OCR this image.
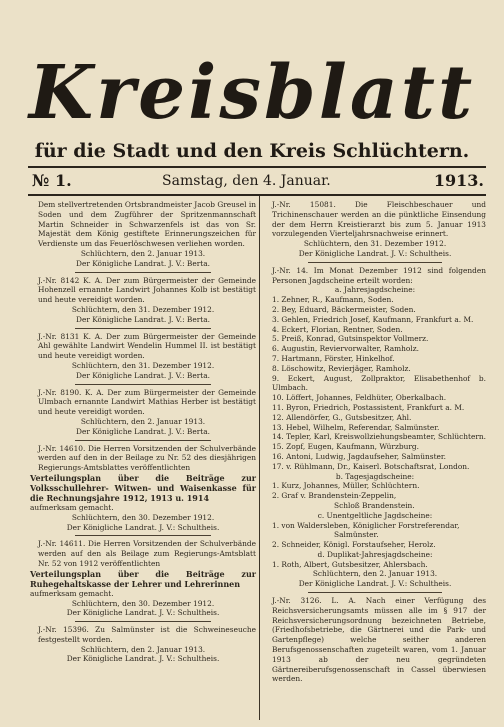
Kreisblatt
für die Stadt und den Kreis Schlüchtern.
№ 1.	Samstag, den 4. Januar.	1913.
Dem stellvertretenden Ortsbrandmeister Jacob Greusel in Soden und dem Zugführer der Spritzenmannschaft Martin Schneider in Schwarzenfels ist das von Sr. Majestät dem König gestiftete Erinnerungszeichen für Verdienste um das Feuerlöschwesen verliehen worden.
Schlüchtern, den 2. Januar 1913.
Der Königliche Landrat. J. V.: Berta.
J.-Nr. 8142 K. A. Der zum Bürgermeister der Gemeinde Hohenzell ernannte Landwirt Johannes Kolb ist bestätigt und heute vereidigt worden.
Schlüchtern, den 31. Dezember 1912.
Der Königliche Landrat. J. V.: Berta.
J.-Nr. 8131 K. A. Der zum Bürgermeister der Gemeinde Ahl gewählte Landwirt Wendelin Hummel II. ist bestätigt und heute vereidigt worden.
Schlüchtern, den 31. Dezember 1912.
Der Königliche Landrat. J. V.: Berta.
J.-Nr. 8190. K. A. Der zum Bürgermeister der Gemeinde Ulmbach ernannte Landwirt Mathias Herber ist bestätigt und heute vereidigt worden.
Schlüchtern, den 2. Januar 1913.
Der Königliche Landrat. J. V.: Berta.
J.-Nr. 14610. Die Herren Vorsitzenden der Schulverbände werden auf den in der Beilage zu Nr. 52 des diesjährigen Regierungs-Amtsblattes veröffentlichten
Verteilungsplan über die Beiträge zur Volksschullehrer- Witwen- und Waisenkasse für die Rechnungsjahre 1912, 1913 u. 1914
aufmerksam gemacht.
Schlüchtern, den 30. Dezember 1912.
Der Königliche Landrat. J. V.: Schultheis.
J.-Nr. 14611. Die Herren Vorsitzenden der Schulverbände werden auf den als Beilage zum Regierungs-Amtsblatt Nr. 52 von 1912 veröffentlichten
Verteilungsplan über die Beiträge zur Ruhegehaltskasse der Lehrer und Lehrerinnen
aufmerksam gemacht.
Schlüchtern, den 30. Dezember 1912.
Der Königliche Landrat. J. V.: Schultheis.
J.-Nr. 15396. Zu Salmünster ist die Schweineseuche festgestellt worden.
Schlüchtern, den 2. Januar 1913.
Der Königliche Landrat. J. V.: Schultheis.
J.-Nr. 15081. Die Fleischbeschauer und Trichinenschauer werden an die pünktliche Einsendung der dem Herrn Kreistierarzt bis zum 5. Januar 1913 vorzulegenden Vierteljahrsnachweise erinnert.
Schlüchtern, den 31. Dezember 1912.
Der Königliche Landrat. J. V.: Schultheis.
J.-Nr. 14. Im Monat Dezember 1912 sind folgenden Personen Jagdscheine erteilt worden:
a. Jahresjagdscheine:
1. Zehner, R., Kaufmann, Soden.
2. Bey, Eduard, Bäckermeister, Soden.
3. Gehlen, Friedrich Josef, Kaufmann, Frankfurt a. M.
4. Eckert, Florian, Rentner, Soden.
5. Preiß, Konrad, Gutsinspektor Vollmerz.
6. Augustin, Reviervorwalter, Ramholz.
7. Hartmann, Förster, Hinkelhof.
8. Löschowitz, Revierjäger, Ramholz.
9. Eckert, August, Zollpraktor, Elisabethenhof b. Ulmbach.
10. Löffert, Johannes, Feldhüter, Oberkalbach.
11. Byron, Friedrich, Postassistent, Frankfurt a. M.
12. Allendörfer, G., Gutsbesitzer, Ahl.
13. Hebel, Wilhelm, Referendar, Salmünster.
14. Tepler, Karl, Kreiswollziehungsbeamter, Schlüchtern.
15. Zopf, Eugen, Kaufmann, Würzburg.
16. Antoni, Ludwig, Jagdaufseher, Salmünster.
17. v. Rühlmann, Dr., Kaiserl. Botschaftsrat, London.
b. Tagesjagdscheine:
1. Kurz, Johannes, Müller, Schlüchtern.
2. Graf v. Brandenstein-Zeppelin,
Schloß Brandenstein.
c. Unentgeltliche Jagdscheine:
1. von Waldersleben, Königlicher Forstreferendar,
Salmünster.
2. Schneider, Königl. Forstaufseher, Herolz.
d. Duplikat-Jahresjagdscheine:
1. Roth, Albert, Gutsbesitzer, Ahlersbach.
Schlüchtern, den 2. Januar 1913.
Der Königliche Landrat. J. V.: Schultheis.
J.-Nr. 3126. L. A. Nach einer Verfügung des Reichsversicherungsamts müssen alle im § 917 der Reichsversicherungsordnung bezeichneten Betriebe, (Friedhofsbetriebe, die Gärtnerei und die Park- und Gartenpflege) welche seither anderen Berufsgenossenschaften zugeteilt waren, vom 1. Januar 1913 ab der neu gegründeten Gärtnereiberufsgenossenschaft in Cassel überwiesen werden.
